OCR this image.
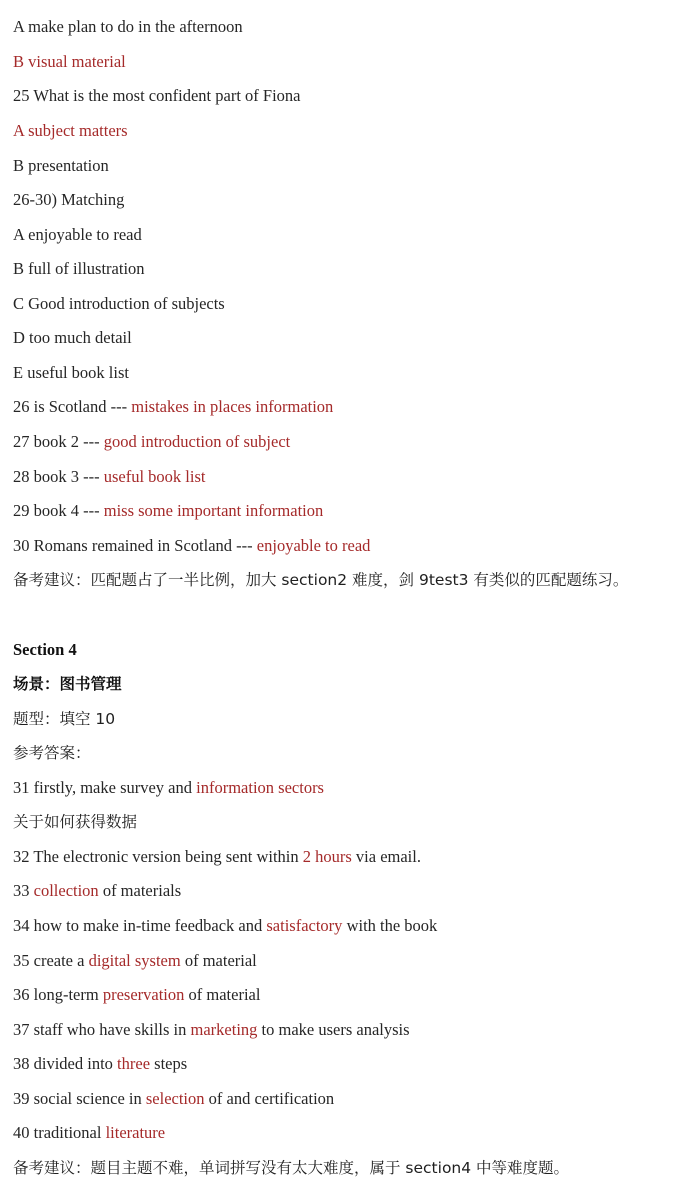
A make plan to do in the afternoon
B visual material
25 What is the most confident part of Fiona
A subject matters
B presentation
26-30) Matching
A enjoyable to read
B full of illustration
C Good introduction of subjects
D too much detail
E useful book list
26 is Scotland --- mistakes in places information
27 book 2 --- good introduction of subject
28 book 3 --- useful book list
29 book 4 --- miss some important information
30 Romans remained in Scotland --- enjoyable to read
备考建议：匹配题占了一半比例，加大 section2 难度，剑 9test3 有类似的匹配题练习。
Section 4
场景：图书管理
题型：填空 10
参考答案：
31 firstly, make survey and information sectors
关于如何获得数据
32 The electronic version being sent within 2 hours via email.
33 collection of materials
34 how to make in-time feedback and satisfactory with the book
35 create a digital system of material
36 long-term preservation of material
37 staff who have skills in marketing to make users analysis
38 divided into three steps
39 social science in selection of and certification
40 traditional literature
备考建议：题目主题不难，单词拼写没有太大难度，属于 section4 中等难度题。
